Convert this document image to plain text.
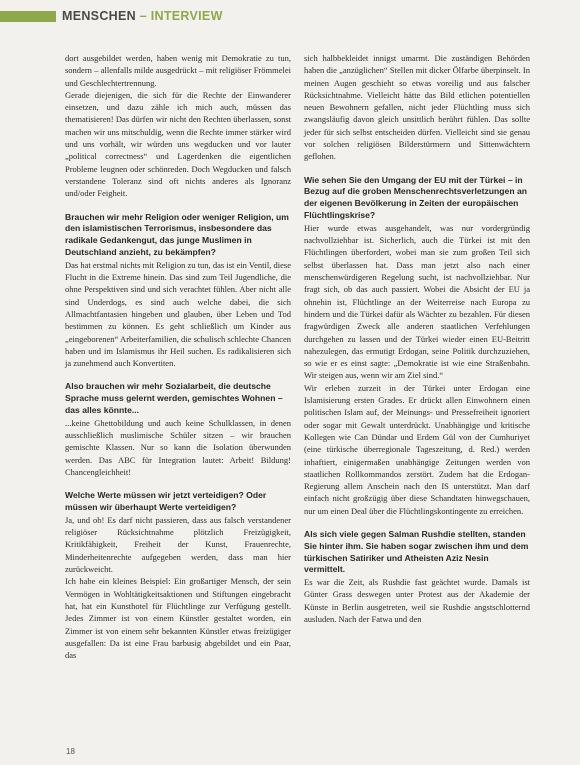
MENSCHEN – INTERVIEW

dort ausgebildet werden, haben wenig mit Demokratie zu tun, sondern – allenfalls milde ausgedrückt – mit religiöser Frömmelei und Geschlechtertrennung.

Gerade diejenigen, die sich für die Rechte der Einwanderer einsetzen, und dazu zähle ich mich auch, müssen das thematisieren! Das dürfen wir nicht den Rechten überlassen, sonst machen wir uns mitschuldig, wenn die Rechte immer stärker wird und uns vorhält, wir würden uns wegducken und vor lauter „political correctness“ und Lagerdenken die eigentlichen Probleme leugnen oder schönreden. Doch Wegducken und falsch verstandene Toleranz sind oft nichts anderes als Ignoranz und/oder Feigheit.

Brauchen wir mehr Religion oder weniger Religion, um den islamistischen Terrorismus, insbesondere das radikale Gedankengut, das junge Muslimen in Deutschland anzieht, zu bekämpfen?

Das hat erstmal nichts mit Religion zu tun, das ist ein Ventil, diese Flucht in die Extreme hinein. Das sind zum Teil Jugendliche, die ohne Perspektiven sind und sich verachtet fühlen. Aber nicht alle sind Underdogs, es sind auch welche dabei, die sich Allmachtfantasien hingeben und glauben, über Leben und Tod bestimmen zu können. Es geht schließlich um Kinder aus „eingeborenen“ Arbeiterfamilien, die schulisch schlechte Chancen haben und im Islamismus ihr Heil suchen. Es radikalisieren sich ja zunehmend auch Konvertiten.

Also brauchen wir mehr Sozialarbeit, die deutsche Sprache muss gelernt werden, gemischtes Wohnen – das alles könnte...

...keine Ghettobildung und auch keine Schulklassen, in denen ausschließlich muslimische Schüler sitzen – wir brauchen gemischte Klassen. Nur so kann die Isolation überwunden werden. Das ABC für Integration lautet: Arbeit! Bildung! Chancengleichheit!

Welche Werte müssen wir jetzt verteidigen? Oder müssen wir überhaupt Werte verteidigen?

Ja, und ob! Es darf nicht passieren, dass aus falsch verstandener religiöser Rücksichtnahme plötzlich Freizügigkeit, Kritikfähigkeit, Freiheit der Kunst, Frauenrechte, Minderheitenrechte aufgegeben werden, dass man hier zurückweicht.

Ich habe ein kleines Beispiel: Ein großartiger Mensch, der sein Vermögen in Wohltätigkeitsaktionen und Stiftungen eingebracht hat, hat ein Kunsthotel für Flüchtlinge zur Verfügung gestellt. Jedes Zimmer ist von einem Künstler gestaltet worden, ein Zimmer ist von einem sehr bekannten Künstler etwas freizügiger ausgefallen: Da ist eine Frau barbusig abgebildet und ein Paar, das

sich halbbekleidet innigst umarmt. Die zuständigen Behörden haben die „anzüglichen“ Stellen mit dicker Ölfarbe überpinselt. In meinen Augen geschieht so etwas voreilig und aus falscher Rücksichtnahme. Vielleicht hätte das Bild etlichen potentiellen neuen Bewohnern gefallen, nicht jeder Flüchtling muss sich zwangsläufig davon gleich unsittlich berührt fühlen. Das sollte jeder für sich selbst entscheiden dürfen. Vielleicht sind sie genau vor solchen religiösen Bilderstürmern und Sittenwächtern geflohen.

Wie sehen Sie den Umgang der EU mit der Türkei – in Bezug auf die groben Menschenrechtsverletzungen an der eigenen Bevölkerung in Zeiten der europäischen Flüchtlingskrise?

Hier wurde etwas ausgehandelt, was nur vordergründig nachvollziehbar ist. Sicherlich, auch die Türkei ist mit den Flüchtlingen überfordert, wobei man sie zum großen Teil sich selbst überlassen hat. Dass man jetzt also nach einer menschenwürdigeren Regelung sucht, ist nachvollziehbar. Nur fragt sich, ob das auch passiert. Wobei die Absicht der EU ja ohnehin ist, Flüchtlinge an der Weiterreise nach Europa zu hindern und die Türkei dafür als Wächter zu bezahlen. Für diesen fragwürdigen Zweck alle anderen staatlichen Verfehlungen durchgehen zu lassen und der Türkei wieder einen EU-Beitritt nahezulegen, das ermutigt Erdogan, seine Politik durchzuziehen, so wie er es einst sagte: „Demokratie ist wie eine Straßenbahn. Wir steigen aus, wenn wir am Ziel sind.“

Wir erleben zurzeit in der Türkei unter Erdogan eine Islamisierung ersten Grades. Er drückt allen Einwohnern einen politischen Islam auf, der Meinungs- und Pressefreiheit ignoriert oder sogar mit Gewalt unterdrückt. Unabhängige und kritische Kollegen wie Can Dündar und Erdem Gül von der Cumhuriyet (eine türkische überregionale Tageszeitung, d. Red.) werden inhaftiert, einigermaßen unabhängige Zeitungen werden von staatlichen Rollkommandos zerstört. Zudem hat die Erdogan-Regierung allem Anschein nach den IS unterstützt. Man darf einfach nicht großzügig über diese Schandtaten hinwegschauen, nur um einen Deal über die Flüchtlingskontingente zu erreichen.

Als sich viele gegen Salman Rushdie stellten, standen Sie hinter ihm. Sie haben sogar zwischen ihm und dem türkischen Satiriker und Atheisten Aziz Nesin vermittelt.

Es war die Zeit, als Rushdie fast geächtet wurde. Damals ist Günter Grass deswegen unter Protest aus der Akademie der Künste in Berlin ausgetreten, weil sie Rushdie angstschlotternd ausluden. Nach der Fatwa und den

18
